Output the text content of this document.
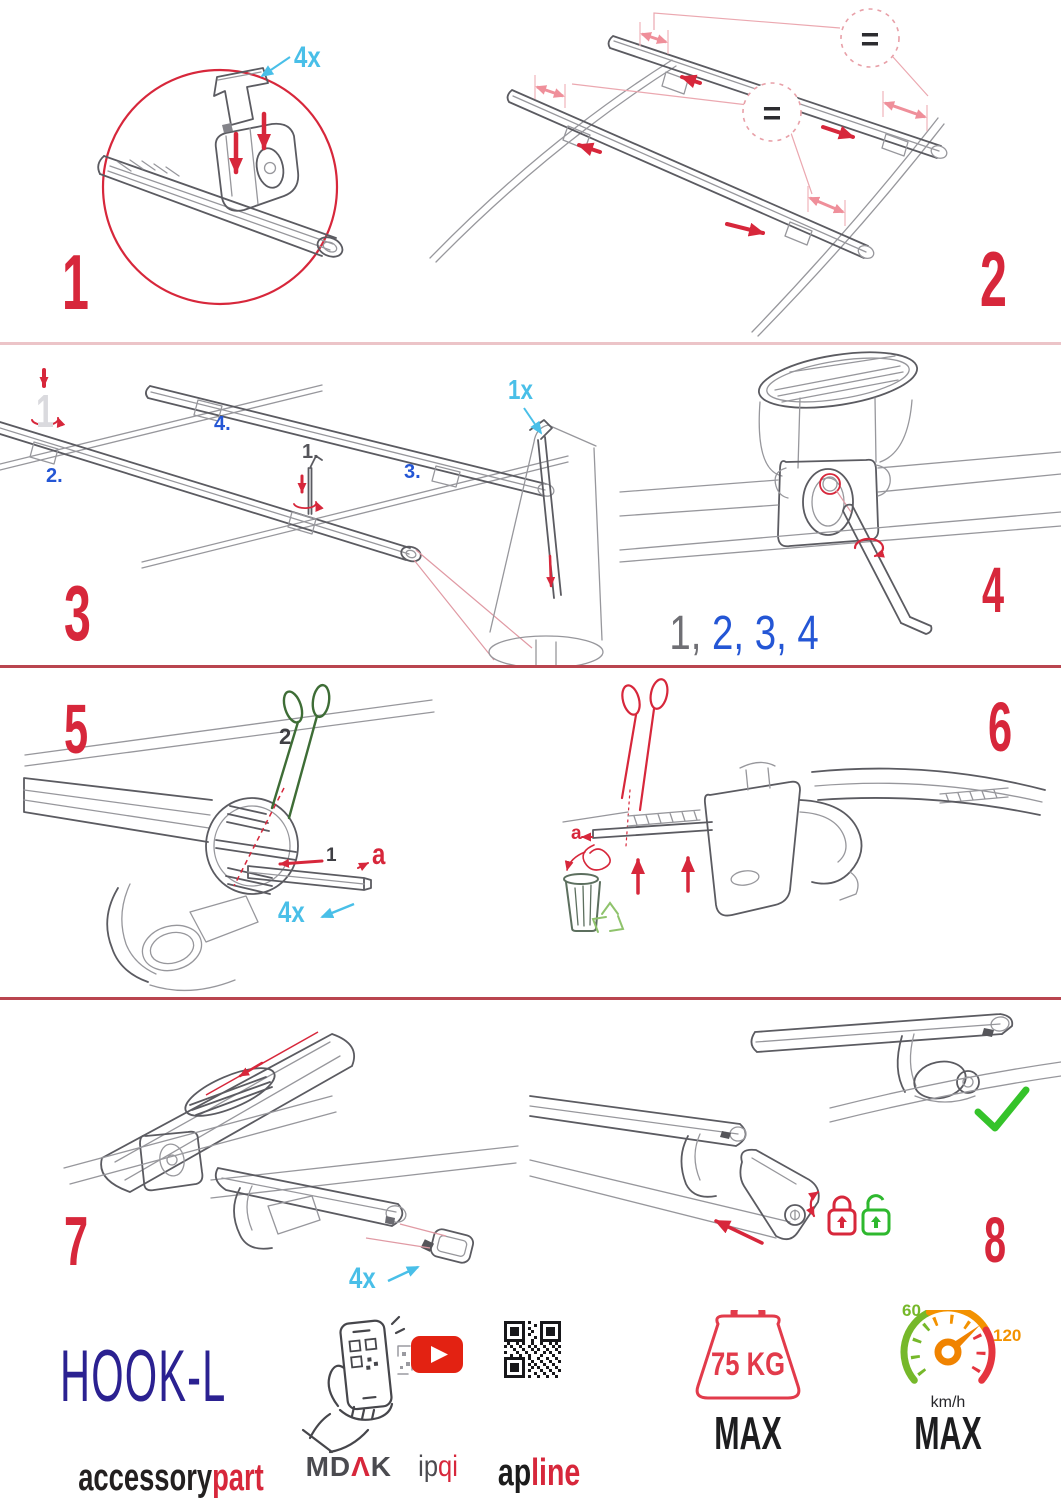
1
4x
=
=
2
1
2.
4.
1.
3.
1x
3	1, 2, 3, 4

4
5	2
1 a
4x
6
a
7	4x
8
HOOK-L

accessorypart	MDΛK ipqi	apline

75 KG
MAX
60
120
km/h
MAX
